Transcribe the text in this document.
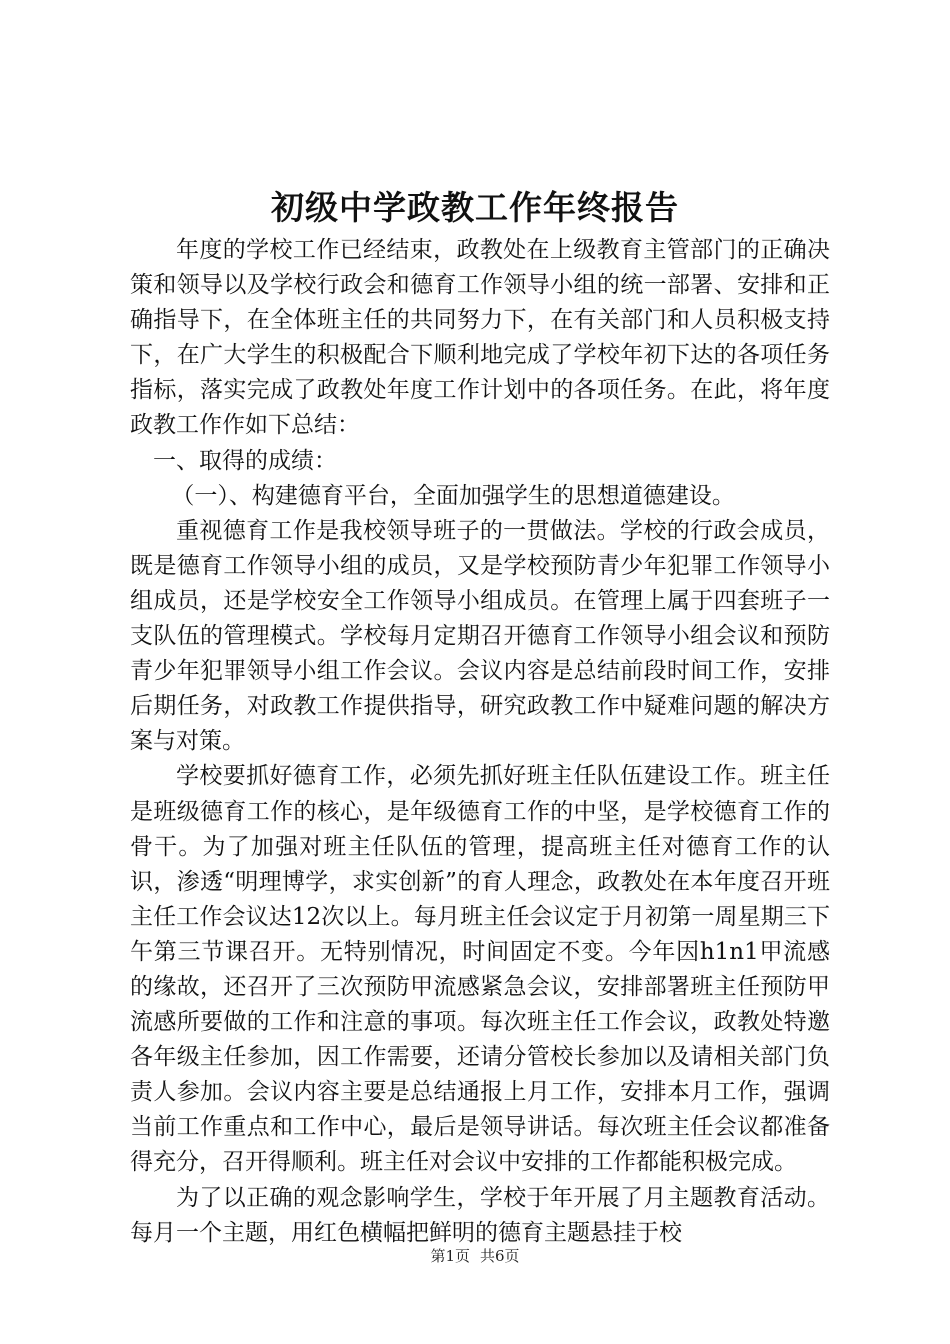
初级中学政教工作年终报告

年度的学校工作已经结束，政教处在上级教育主管部门的正确决策和领导以及学校行政会和德育工作领导小组的统一部署、安排和正确指导下，在全体班主任的共同努力下，在有关部门和人员积极支持下，在广大学生的积极配合下顺利地完成了学校年初下达的各项任务指标，落实完成了政教处年度工作计划中的各项任务。在此，将年度政教工作作如下总结：

一、取得的成绩：

（一）、构建德育平台，全面加强学生的思想道德建设。

重视德育工作是我校领导班子的一贯做法。学校的行政会成员，既是德育工作领导小组的成员，又是学校预防青少年犯罪工作领导小组成员，还是学校安全工作领导小组成员。在管理上属于四套班子一支队伍的管理模式。学校每月定期召开德育工作领导小组会议和预防青少年犯罪领导小组工作会议。会议内容是总结前段时间工作，安排后期任务，对政教工作提供指导，研究政教工作中疑难问题的解决方案与对策。

学校要抓好德育工作，必须先抓好班主任队伍建设工作。班主任是班级德育工作的核心，是年级德育工作的中坚，是学校德育工作的骨干。为了加强对班主任队伍的管理，提高班主任对德育工作的认识，渗透“明理博学，求实创新”的育人理念，政教处在本年度召开班主任工作会议达12次以上。每月班主任会议定于月初第一周星期三下午第三节课召开。无特别情况，时间固定不变。今年因h1n1甲流感的缘故，还召开了三次预防甲流感紧急会议，安排部署班主任预防甲流感所要做的工作和注意的事项。每次班主任工作会议，政教处特邀各年级主任参加，因工作需要，还请分管校长参加以及请相关部门负责人参加。会议内容主要是总结通报上月工作，安排本月工作，强调当前工作重点和工作中心，最后是领导讲话。每次班主任会议都准备得充分，召开得顺利。班主任对会议中安排的工作都能积极完成。

为了以正确的观念影响学生，学校于年开展了月主题教育活动。每月一个主题，用红色横幅把鲜明的德育主题悬挂于校

第1页 共6页
